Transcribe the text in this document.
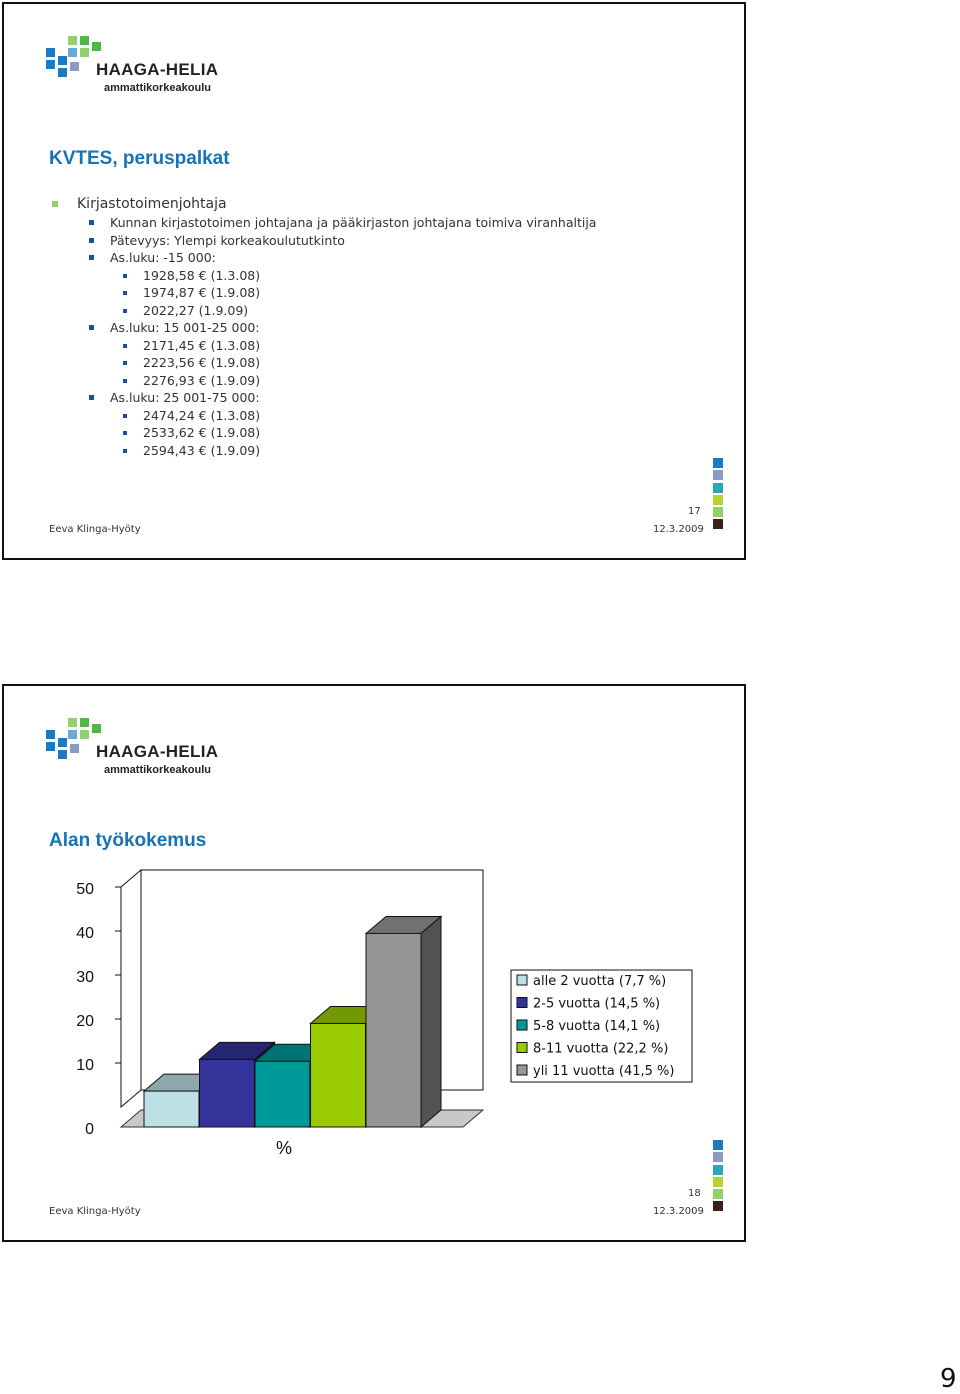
HAAGA-HELIA
ammattikorkeakoulu
KVTES, peruspalkat
Kirjastotoimenjohtaja
Kunnan kirjastotoimen johtajana ja pääkirjaston johtajana toimiva viranhaltija
Pätevyys: Ylempi korkeakoulututkinto
As.luku: -15 000:
1928,58 € (1.3.08)
1974,87 € (1.9.08)
2022,27 (1.9.09)
As.luku: 15 001-25 000:
2171,45 € (1.3.08)
2223,56 € (1.9.08)
2276,93 € (1.9.09)
As.luku: 25 001-75 000:
2474,24 € (1.3.08)
2533,62 € (1.9.08)
2594,43 € (1.9.09)
17
Eeva Klinga-Hyöty	12.3.2009
HAAGA-HELIA
ammattikorkeakoulu
Alan työkokemus
0
10
20
30
40
50
%
alle 2 vuotta (7,7 %)
2-5 vuotta (14,5 %)
5-8 vuotta (14,1 %)
8-11 vuotta (22,2 %)
yli 11 vuotta (41,5 %)
18
Eeva Klinga-Hyöty	12.3.2009
9
